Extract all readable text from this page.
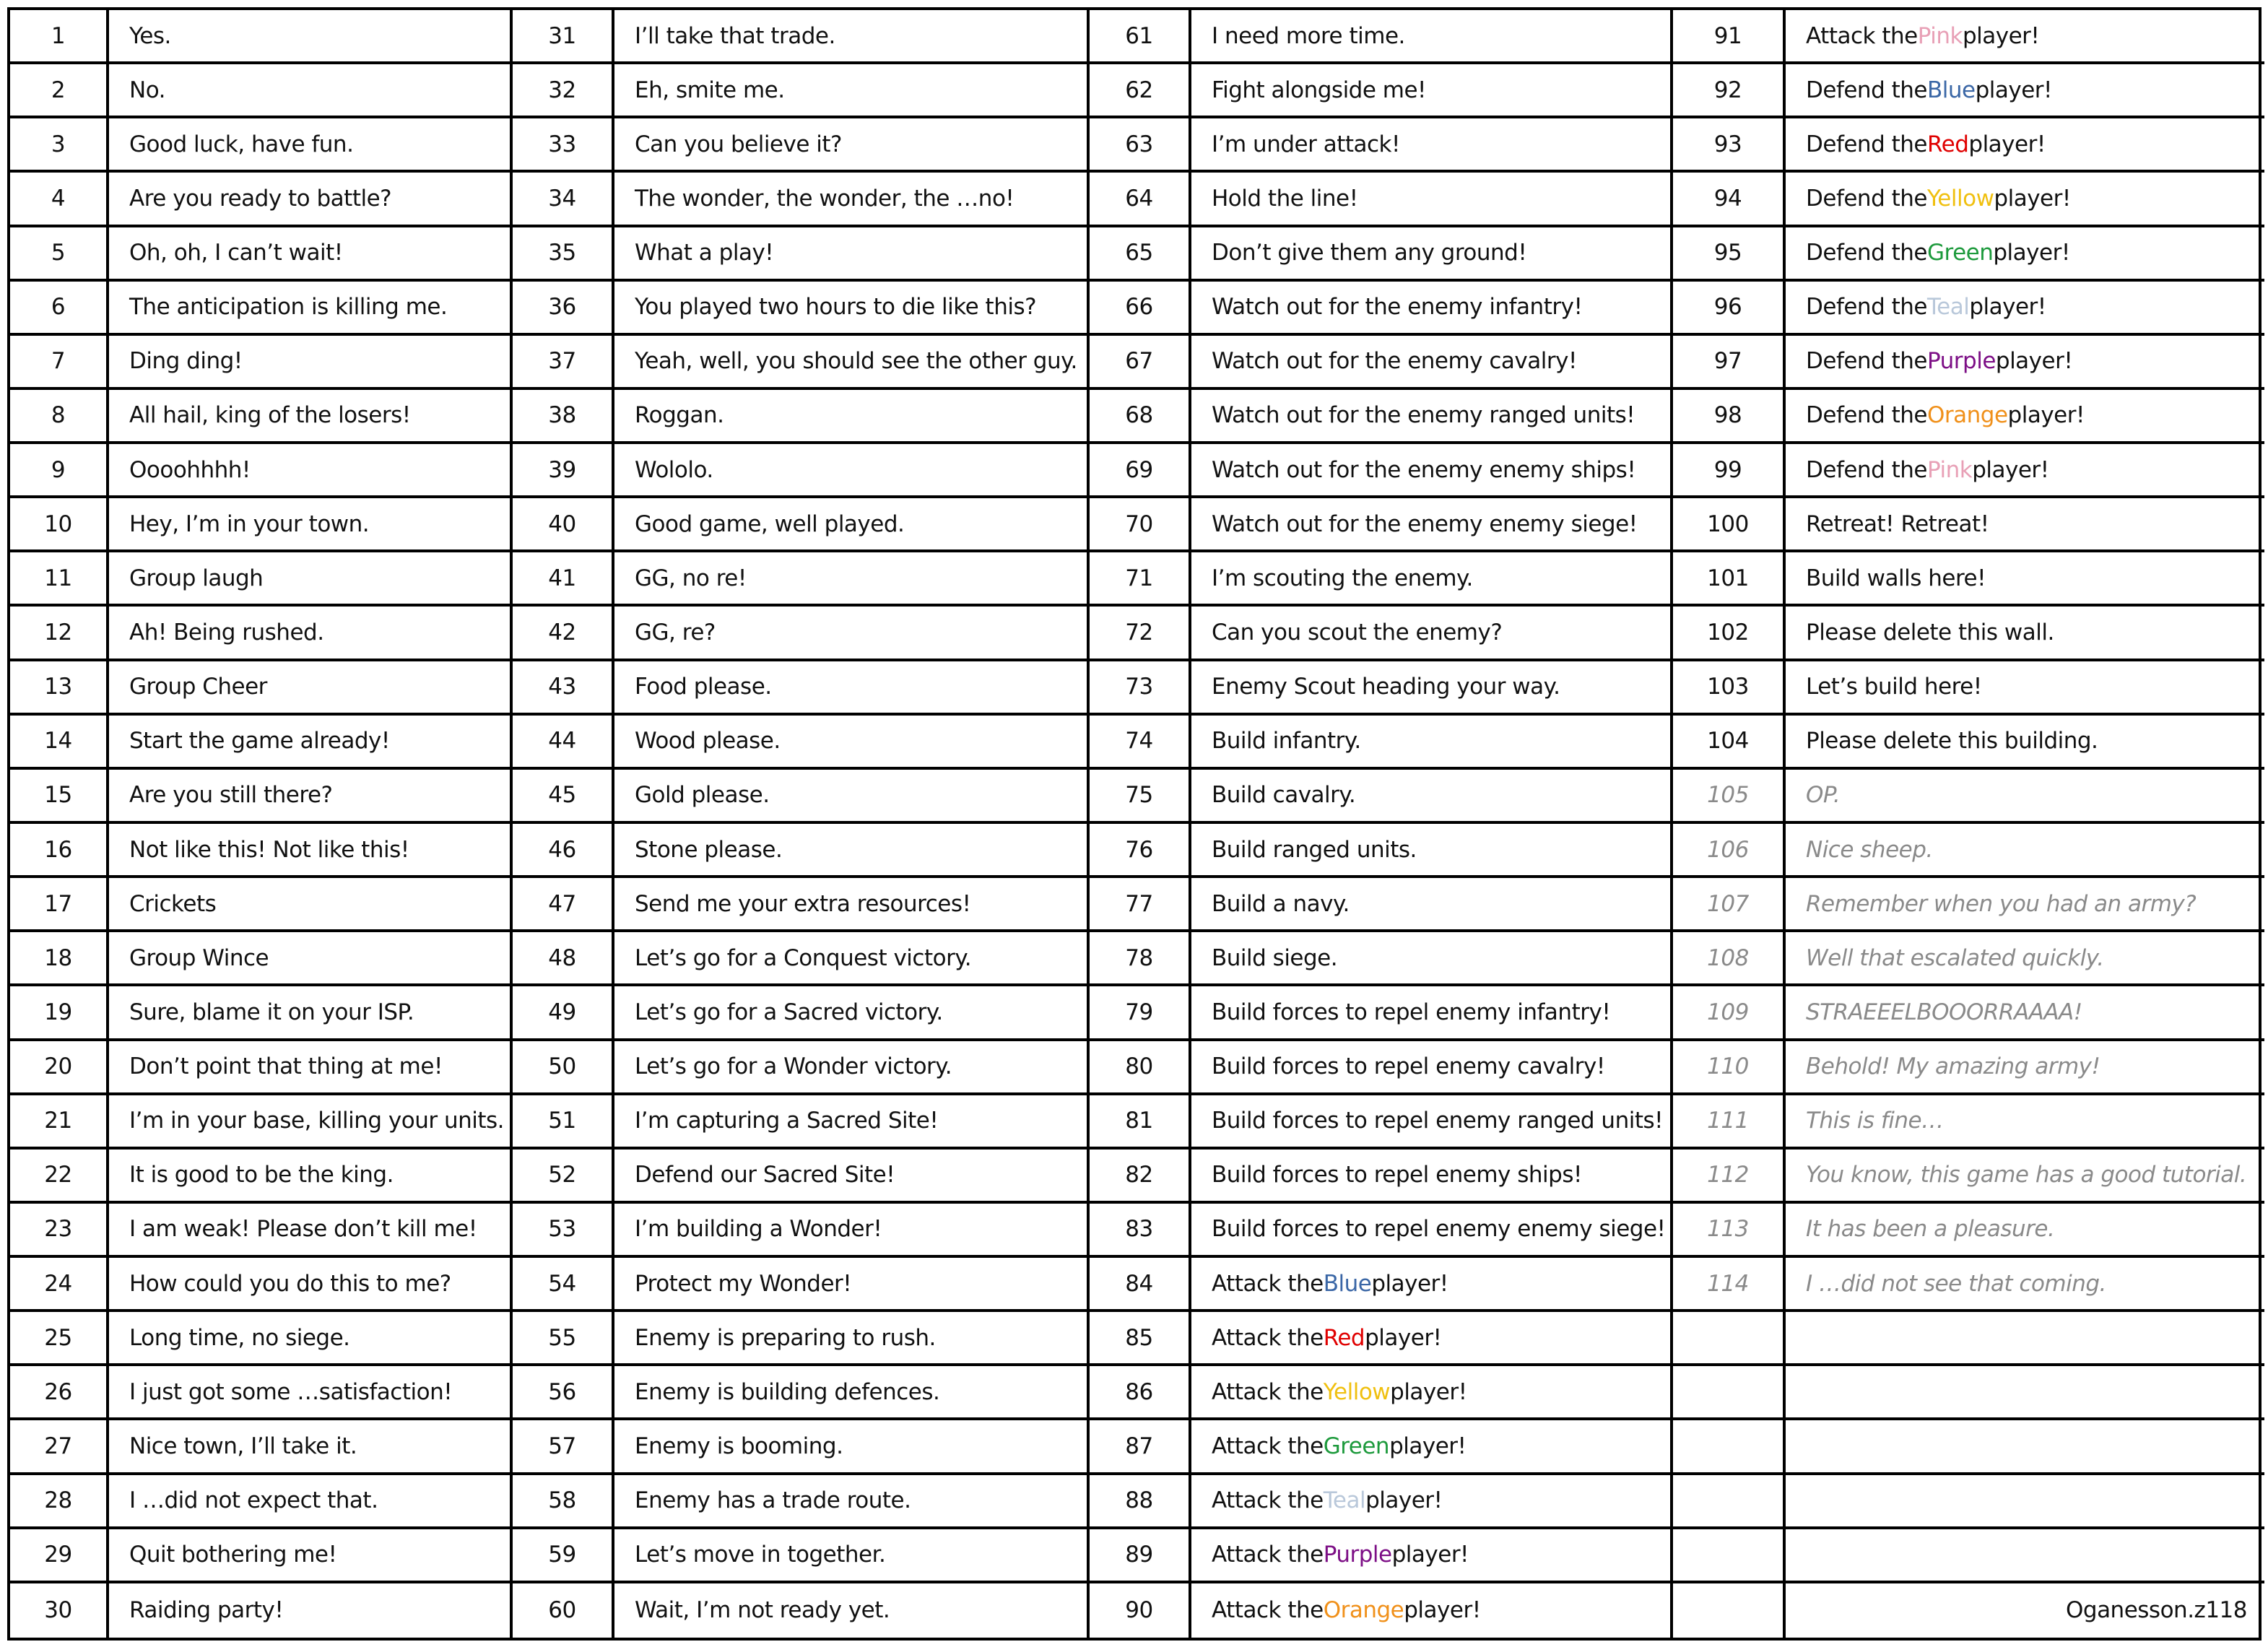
1
2
3
4
5
6
7
8
9
10
11
12
13
14
15
16
17
18
19
20
21
22
23
24
25
26
27
28
29
30
Yes.
No.
Good luck, have fun.
Are you ready to battle?
Oh, oh, I can’t wait!
The anticipation is killing me.
Ding ding!
All hail, king of the losers!
Oooohhhh!
Hey, I’m in your town.
Group laugh
Ah! Being rushed.
Group Cheer
Start the game already!
Are you still there?
Not like this! Not like this!
Crickets
Group Wince
Sure, blame it on your ISP.
Don’t point that thing at me!
I’m in your base, killing your units.
It is good to be the king.
I am weak! Please don’t kill me!
How could you do this to me?
Long time, no siege.
I just got some …satisfaction!
Nice town, I’ll take it.
I …did not expect that.
Quit bothering me!
Raiding party!
31
32
33
34
35
36
37
38
39
40
41
42
43
44
45
46
47
48
49
50
51
52
53
54
55
56
57
58
59
60
I’ll take that trade.
Eh, smite me.
Can you believe it?
The wonder, the wonder, the …no!
What a play!
You played two hours to die like this?
Yeah, well, you should see the other guy.
Roggan.
Wololo.
Good game, well played.
GG, no re!
GG, re?
Food please.
Wood please.
Gold please.
Stone please.
Send me your extra resources!
Let’s go for a Conquest victory.
Let’s go for a Sacred victory.
Let’s go for a Wonder victory.
I’m capturing a Sacred Site!
Defend our Sacred Site!
I’m building a Wonder!
Protect my Wonder!
Enemy is preparing to rush.
Enemy is building defences.
Enemy is booming.
Enemy has a trade route.
Let’s move in together.
Wait, I’m not ready yet.
61
62
63
64
65
66
67
68
69
70
71
72
73
74
75
76
77
78
79
80
81
82
83
84
85
86
87
88
89
90
I need more time.
Fight alongside me!
I’m under attack!
Hold the line!
Don’t give them any ground!
Watch out for the enemy infantry!
Watch out for the enemy cavalry!
Watch out for the enemy ranged units!
Watch out for the enemy enemy ships!
Watch out for the enemy enemy siege!
I’m scouting the enemy.
Can you scout the enemy?
Enemy Scout heading your way.
Build infantry.
Build cavalry.
Build ranged units.
Build a navy.
Build siege.
Build forces to repel enemy infantry!
Build forces to repel enemy cavalry!
Build forces to repel enemy ranged units!
Build forces to repel enemy ships!
Build forces to repel enemy enemy siege!
Attack the Blue player!
Attack the Red player!
Attack the Yellow player!
Attack the Green player!
Attack the Teal player!
Attack the Purple player!
Attack the Orange player!
91
92
93
94
95
96
97
98
99
100
101
102
103
104
105
106
107
108
109
110
111
112
113
114
Attack the Pink player!
Defend the Blue player!
Defend the Red player!
Defend the Yellow player!
Defend the Green player!
Defend the Teal player!
Defend the Purple player!
Defend the Orange player!
Defend the Pink player!
Retreat! Retreat!
Build walls here!
Please delete this wall.
Let’s build here!
Please delete this building.
OP.
Nice sheep.
Remember when you had an army?
Well that escalated quickly.
STRAEEELBOOORRAAAA!
Behold! My amazing army!
This is fine…
You know, this game has a good tutorial.
It has been a pleasure.
I …did not see that coming.
Oganesson.z118
